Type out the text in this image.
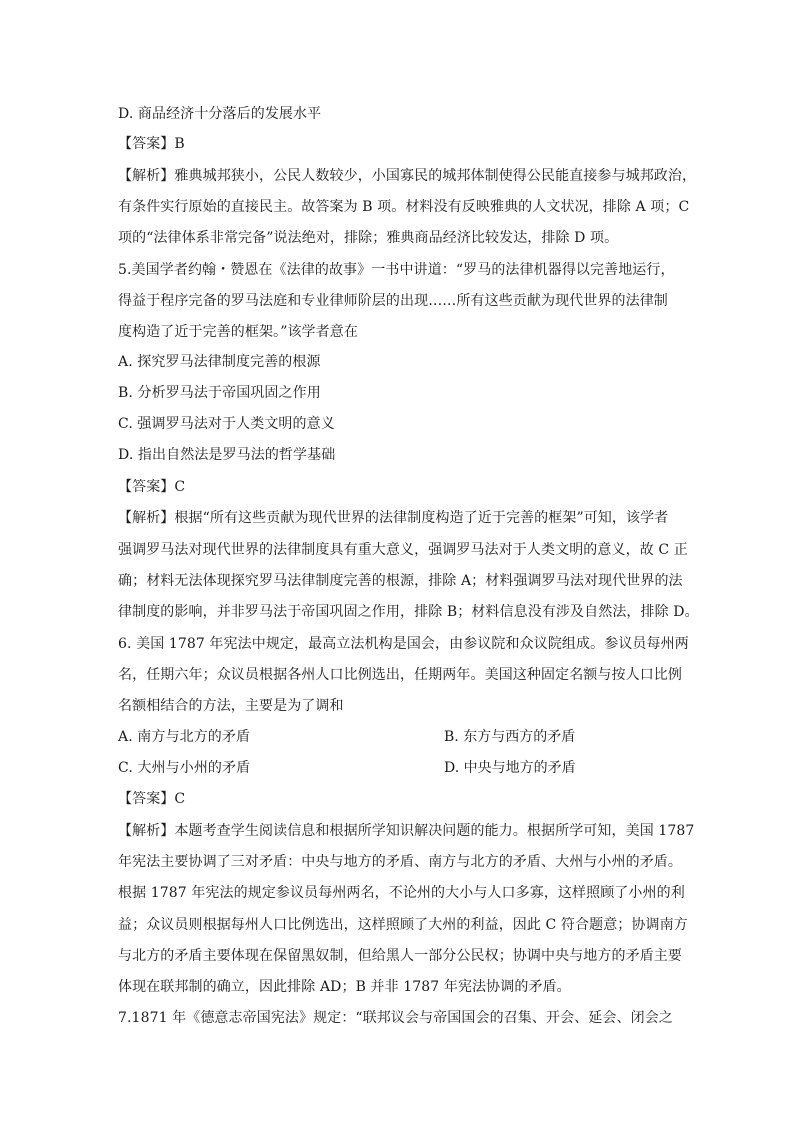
D. 商品经济十分落后的发展水平
【答案】B
【解析】雅典城邦狭小，公民人数较少，小国寡民的城邦体制使得公民能直接参与城邦政治，
有条件实行原始的直接民主。故答案为 B 项。材料没有反映雅典的人文状况，排除 A 项；C
项的“法律体系非常完备”说法绝对，排除；雅典商品经济比较发达，排除 D 项。
5.美国学者约翰・赞恩在《法律的故事》一书中讲道：“罗马的法律机器得以完善地运行，
得益于程序完备的罗马法庭和专业律师阶层的出现……所有这些贡献为现代世界的法律制
度构造了近于完善的框架。”该学者意在
A. 探究罗马法律制度完善的根源
B. 分析罗马法于帝国巩固之作用
C. 强调罗马法对于人类文明的意义
D. 指出自然法是罗马法的哲学基础
【答案】C
【解析】根据“所有这些贡献为现代世界的法律制度构造了近于完善的框架”可知，该学者
强调罗马法对现代世界的法律制度具有重大意义，强调罗马法对于人类文明的意义，故 C 正
确；材料无法体现探究罗马法律制度完善的根源，排除 A；材料强调罗马法对现代世界的法
律制度的影响，并非罗马法于帝国巩固之作用，排除 B；材料信息没有涉及自然法，排除 D。
6. 美国 1787 年宪法中规定，最高立法机构是国会，由参议院和众议院组成。参议员每州两
名，任期六年；众议员根据各州人口比例选出，任期两年。美国这种固定名额与按人口比例
名额相结合的方法，主要是为了调和
A. 南方与北方的矛盾	B. 东方与西方的矛盾
C. 大州与小州的矛盾	D. 中央与地方的矛盾
【答案】C
【解析】本题考查学生阅读信息和根据所学知识解决问题的能力。根据所学可知，美国 1787
年宪法主要协调了三对矛盾：中央与地方的矛盾、南方与北方的矛盾、大州与小州的矛盾。
根据 1787 年宪法的规定参议员每州两名，不论州的大小与人口多寡，这样照顾了小州的利
益；众议员则根据每州人口比例选出，这样照顾了大州的利益，因此 C 符合题意；协调南方
与北方的矛盾主要体现在保留黑奴制，但给黑人一部分公民权；协调中央与地方的矛盾主要
体现在联邦制的确立，因此排除 AD；B 并非 1787 年宪法协调的矛盾。
7.1871 年《德意志帝国宪法》规定：“联邦议会与帝国国会的召集、开会、延会、闭会之
